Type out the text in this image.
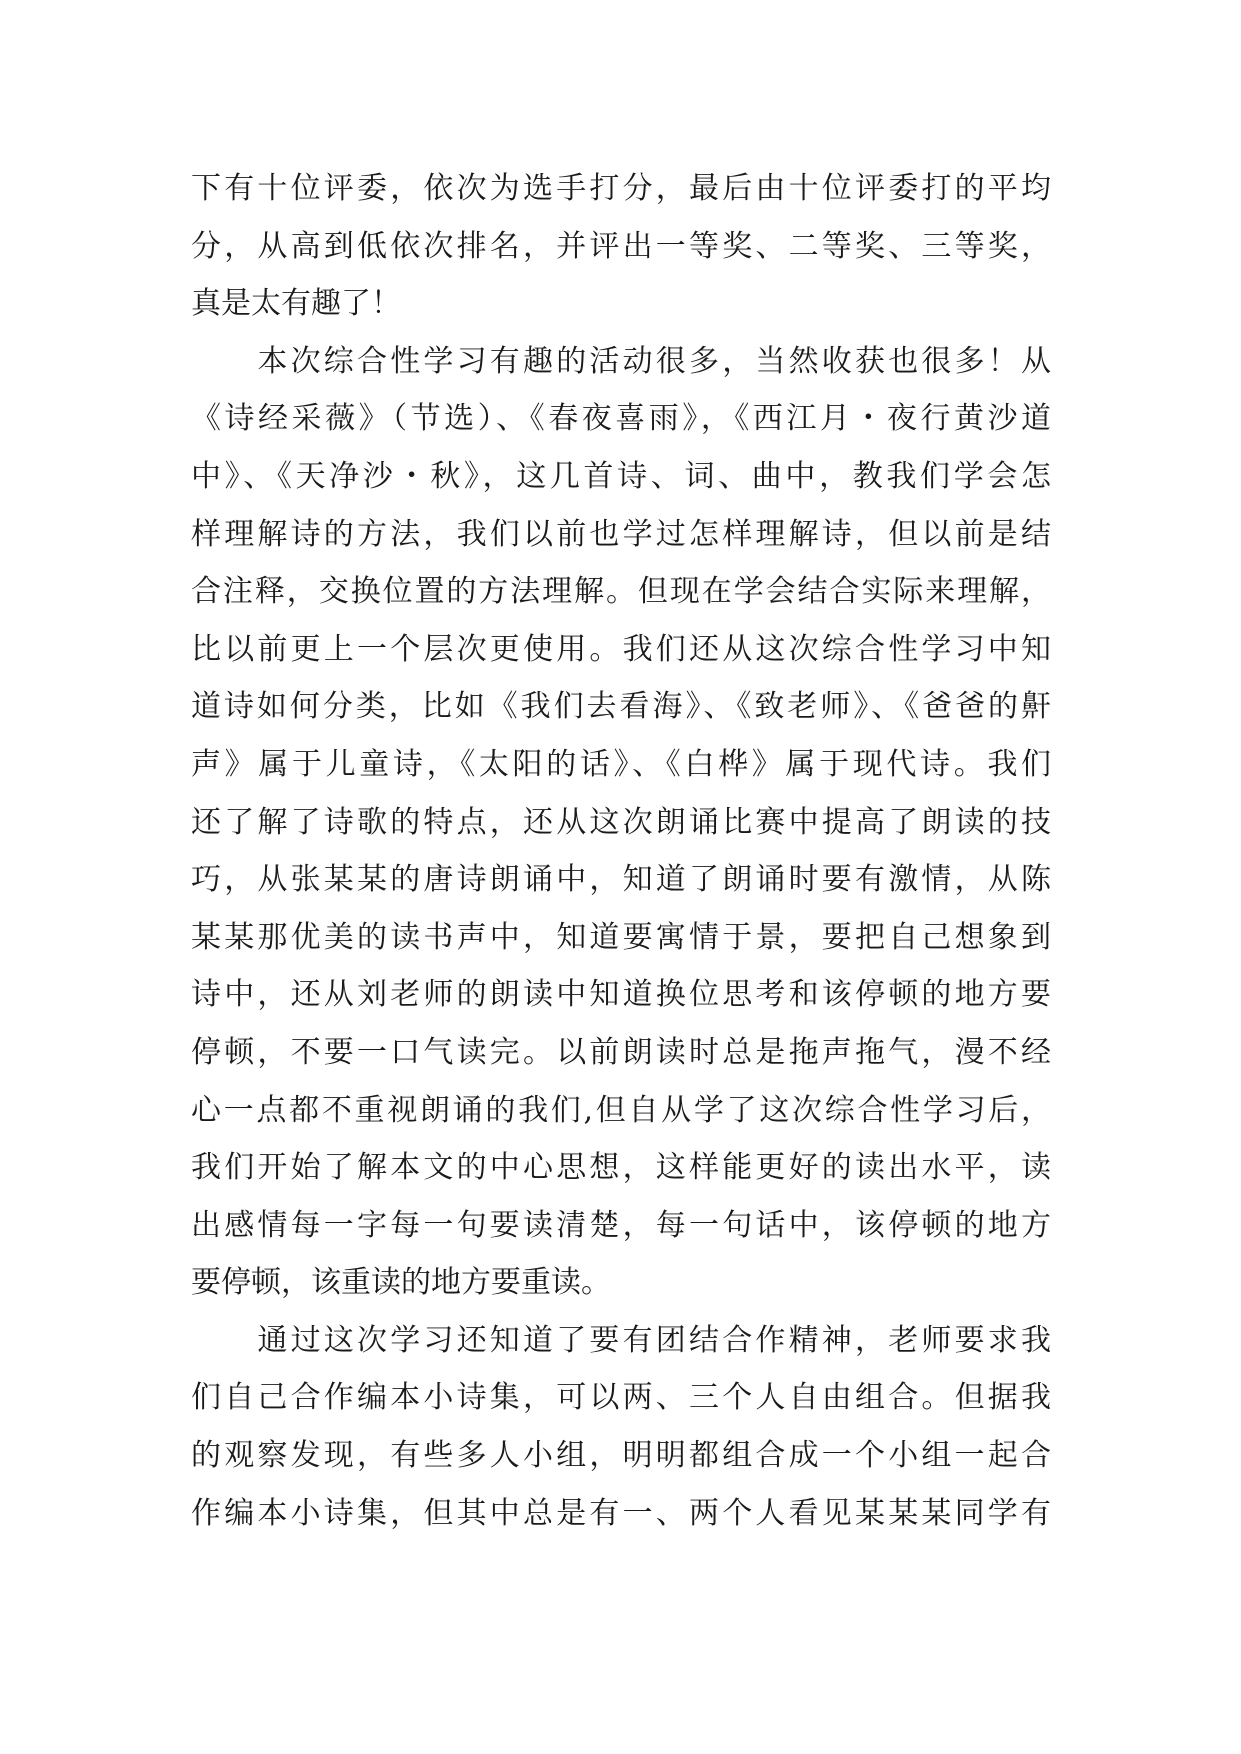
下有十位评委，依次为选手打分，最后由十位评委打的平均
分，从高到低依次排名，并评出一等奖、二等奖、三等奖，
真是太有趣了！
　　本次综合性学习有趣的活动很多，当然收获也很多！从
《诗经采薇》（节选）、《春夜喜雨》，《西江月・夜行黄沙道
中》、《天净沙・秋》，这几首诗、词、曲中，教我们学会怎
样理解诗的方法，我们以前也学过怎样理解诗，但以前是结
合注释，交换位置的方法理解。但现在学会结合实际来理解，
比以前更上一个层次更使用。我们还从这次综合性学习中知
道诗如何分类，比如《我们去看海》、《致老师》、《爸爸的鼾
声》属于儿童诗，《太阳的话》、《白桦》属于现代诗。我们
还了解了诗歌的特点，还从这次朗诵比赛中提高了朗读的技
巧，从张某某的唐诗朗诵中，知道了朗诵时要有激情，从陈
某某那优美的读书声中，知道要寓情于景，要把自己想象到
诗中，还从刘老师的朗读中知道换位思考和该停顿的地方要
停顿，不要一口气读完。以前朗读时总是拖声拖气，漫不经
心一点都不重视朗诵的我们,但自从学了这次综合性学习后，
我们开始了解本文的中心思想，这样能更好的读出水平，读
出感情每一字每一句要读清楚，每一句话中，该停顿的地方
要停顿，该重读的地方要重读。
　　通过这次学习还知道了要有团结合作精神，老师要求我
们自己合作编本小诗集，可以两、三个人自由组合。但据我
的观察发现，有些多人小组，明明都组合成一个小组一起合
作编本小诗集，但其中总是有一、两个人看见某某某同学有
